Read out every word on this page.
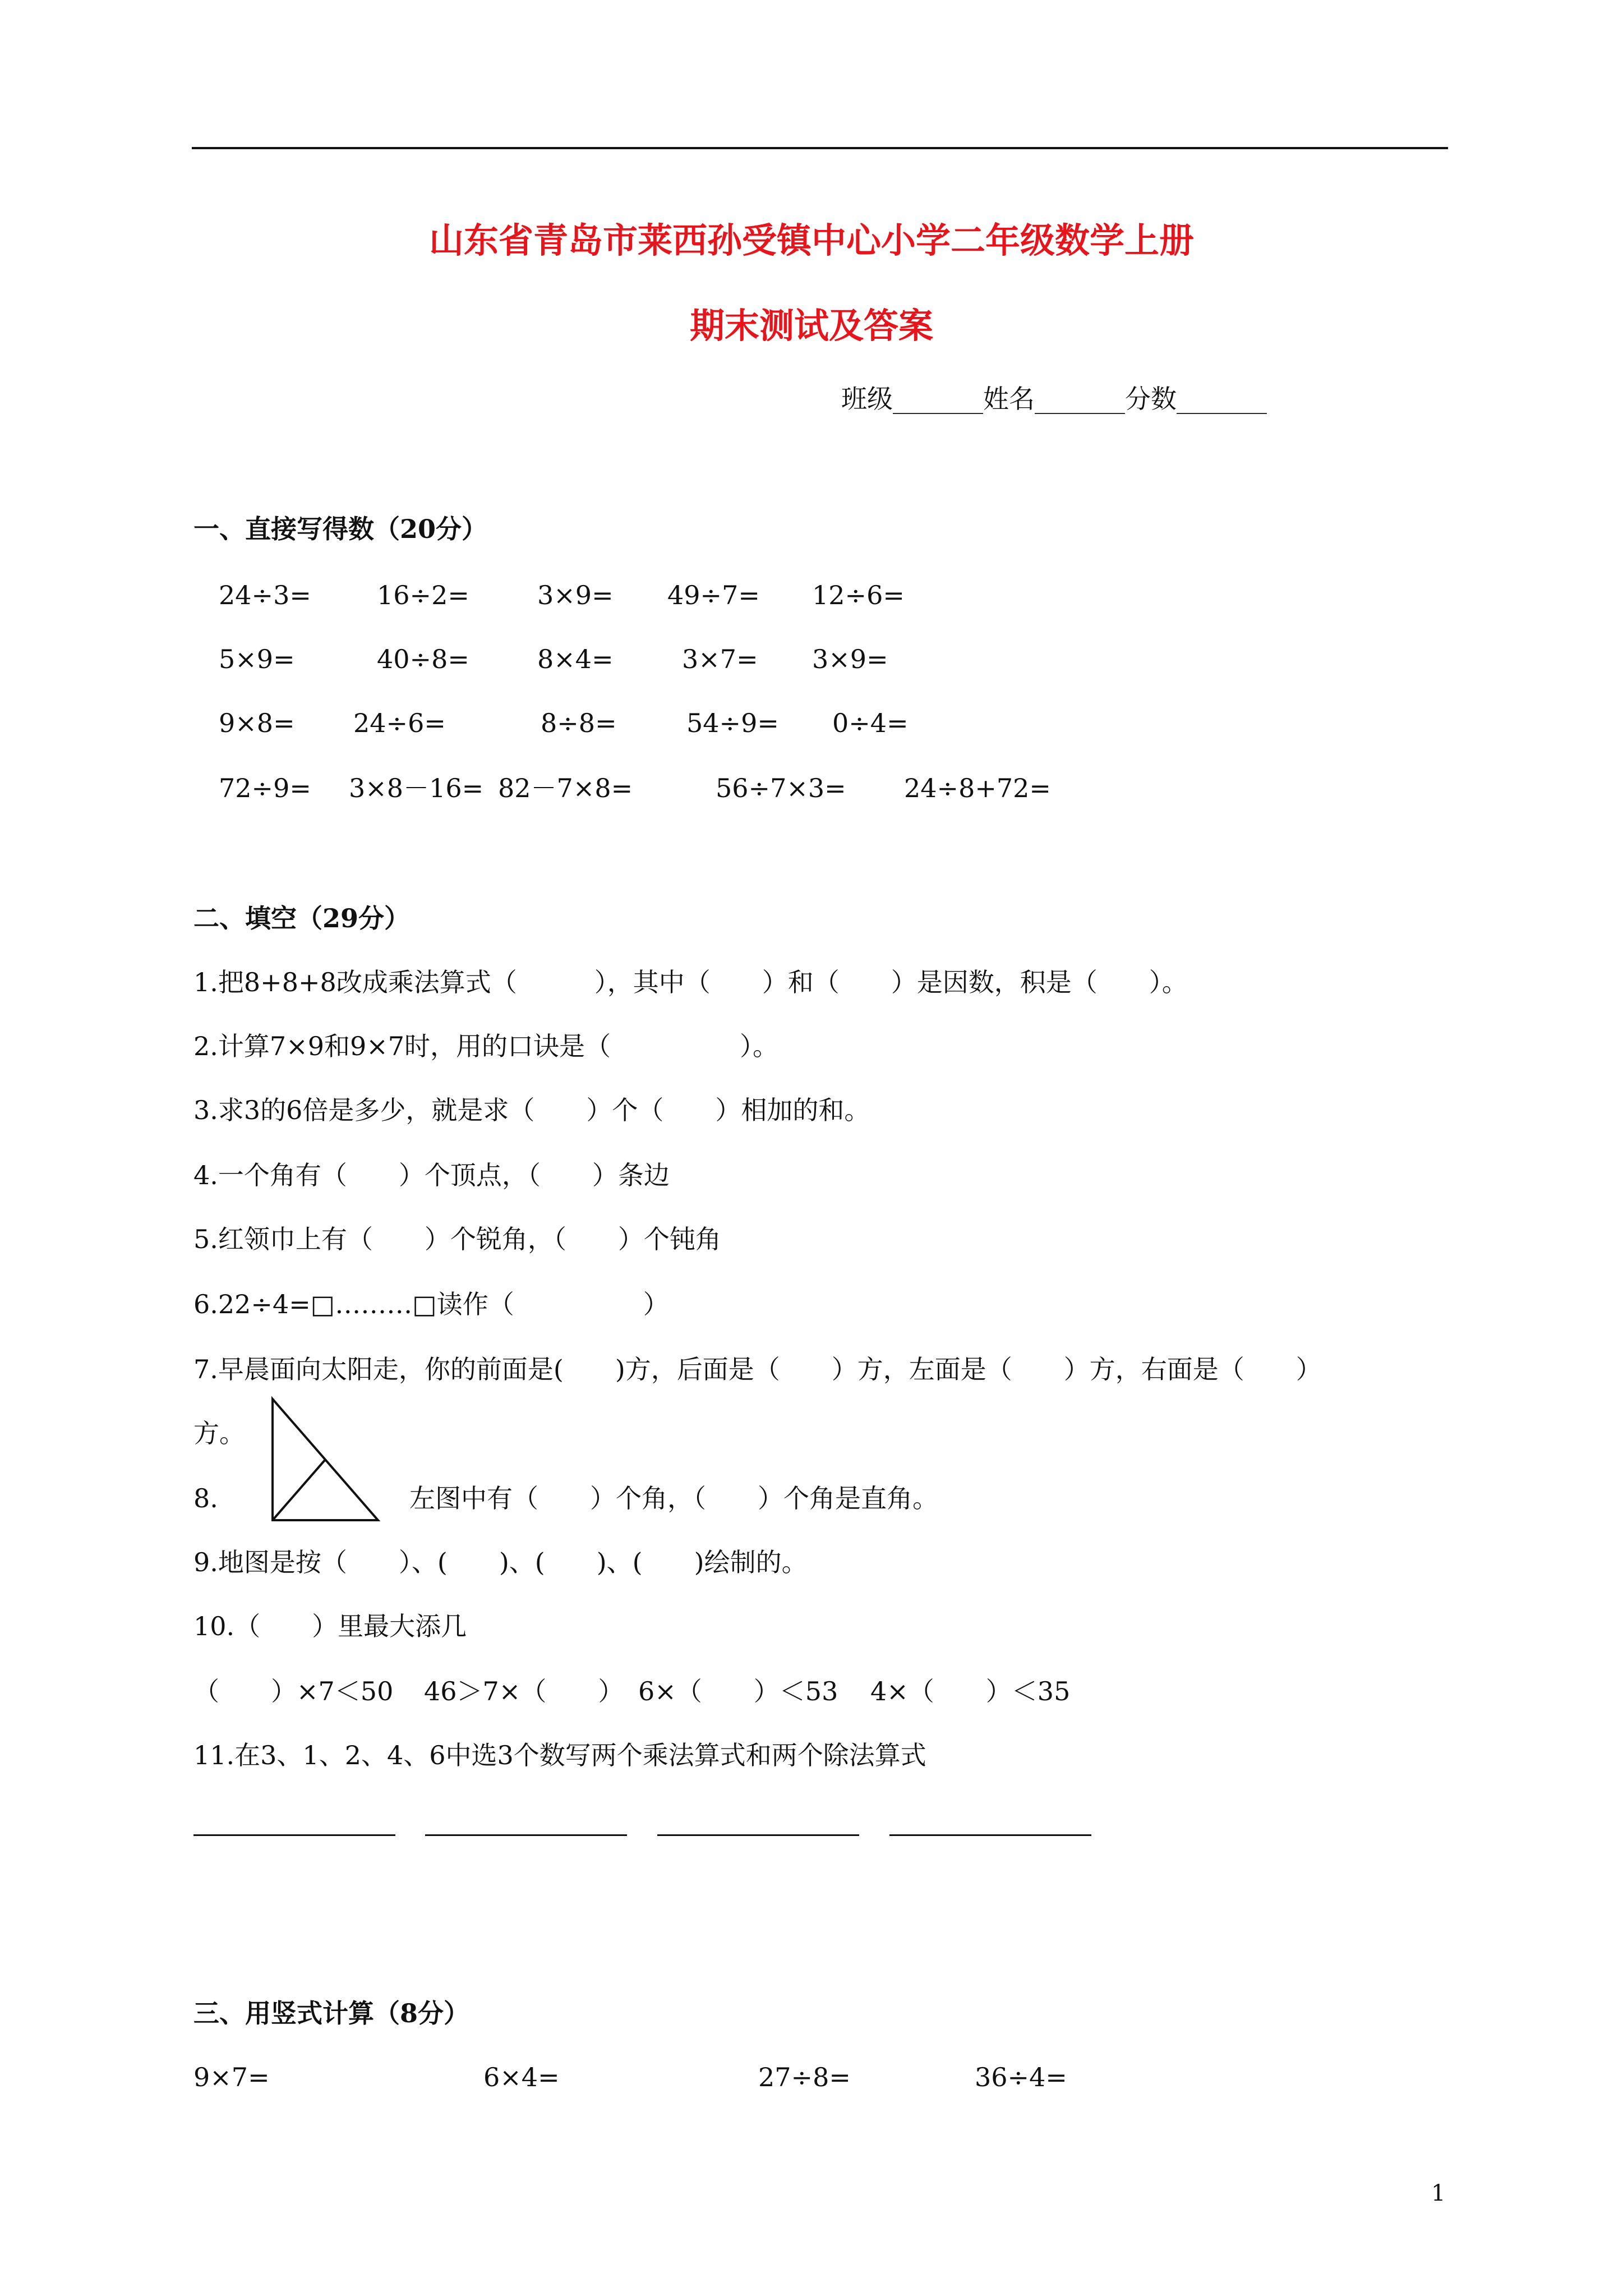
山东省青岛市莱西孙受镇中心小学二年级数学上册
期末测试及答案
班级_______姓名_______分数_______
一、直接写得数（20分）
24÷3=	16÷2=	3×9= 49÷7= 12÷6=
5×9=	40÷8=	8×4=	3×7= 3×9=
9×8= 24÷6=	8÷8=	54÷9= 0÷4=
72÷9= 3×8－16= 82－7×8=	56÷7×3= 24÷8+72=
二、填空（29分）
1.把8+8+8改成乘法算式（　　　），其中（　　）和（　　）是因数，积是（　　）。
2.计算7×9和9×7时，用的口诀是（　　　　　）。
3.求3的6倍是多少，就是求（　　）个（　　）相加的和。
4.一个角有（　　）个顶点，（　　）条边
5.红领巾上有（　　）个锐角，（　　）个钝角
6.22÷4=□………□读作（　　　　　）
7.早晨面向太阳走，你的前面是(　　)方，后面是（　　）方，左面是（　　）方，右面是（　　）
方。
8.	左图中有（　　）个角，（　　）个角是直角。
9.地图是按（　　）、(　　)、(　　)、(　　)绘制的。
10.（　　）里最大添几
（　　）×7＜50 46＞7×（　　） 6×（　　）＜53 4×（　　）＜35
11.在3、1、2、4、6中选3个数写两个乘法算式和两个除法算式
三、用竖式计算（8分）
9×7=	6×4=	27÷8=	36÷4=
1
